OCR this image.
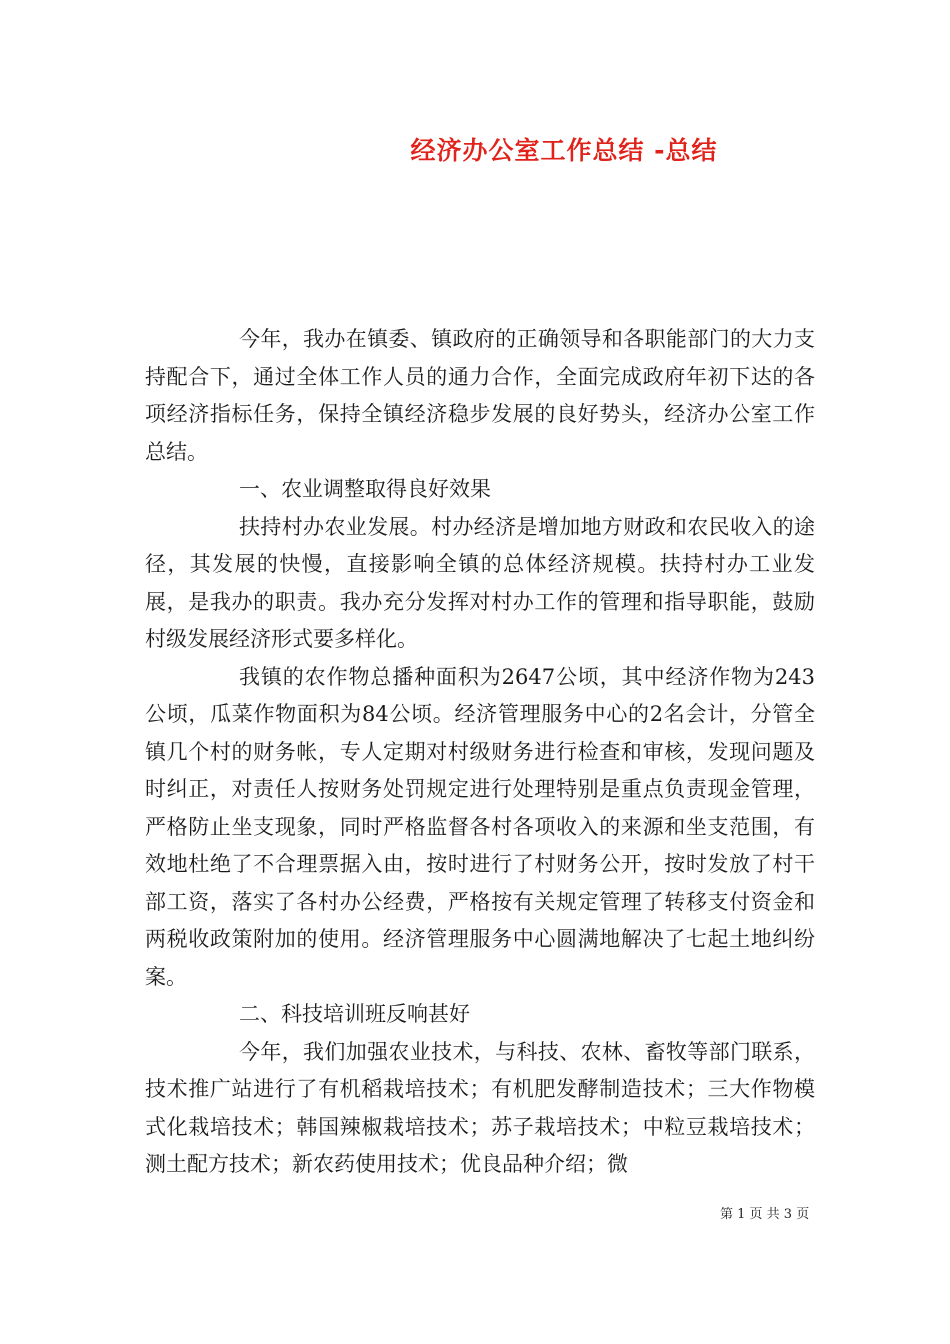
经济办公室工作总结 -总结

今年，我办在镇委、镇政府的正确领导和各职能部门的大力支持配合下，通过全体工作人员的通力合作，全面完成政府年初下达的各项经济指标任务，保持全镇经济稳步发展的良好势头，经济办公室工作总结。

一、农业调整取得良好效果

扶持村办农业发展。村办经济是增加地方财政和农民收入的途径，其发展的快慢，直接影响全镇的总体经济规模。扶持村办工业发展，是我办的职责。我办充分发挥对村办工作的管理和指导职能，鼓励村级发展经济形式要多样化。

我镇的农作物总播种面积为2647公顷，其中经济作物为243公顷，瓜菜作物面积为84公顷。经济管理服务中心的2名会计，分管全镇几个村的财务帐，专人定期对村级财务进行检查和审核，发现问题及时纠正，对责任人按财务处罚规定进行处理特别是重点负责现金管理，严格防止坐支现象，同时严格监督各村各项收入的来源和坐支范围，有效地杜绝了不合理票据入由，按时进行了村财务公开，按时发放了村干部工资，落实了各村办公经费，严格按有关规定管理了转移支付资金和两税收政策附加的使用。经济管理服务中心圆满地解决了七起土地纠纷案。

二、科技培训班反响甚好

今年，我们加强农业技术，与科技、农林、畜牧等部门联系，技术推广站进行了有机稻栽培技术；有机肥发酵制造技术；三大作物模式化栽培技术；韩国辣椒栽培技术；苏子栽培技术；中粒豆栽培技术；测土配方技术；新农药使用技术；优良品种介绍；微

第 1 页 共 3 页
